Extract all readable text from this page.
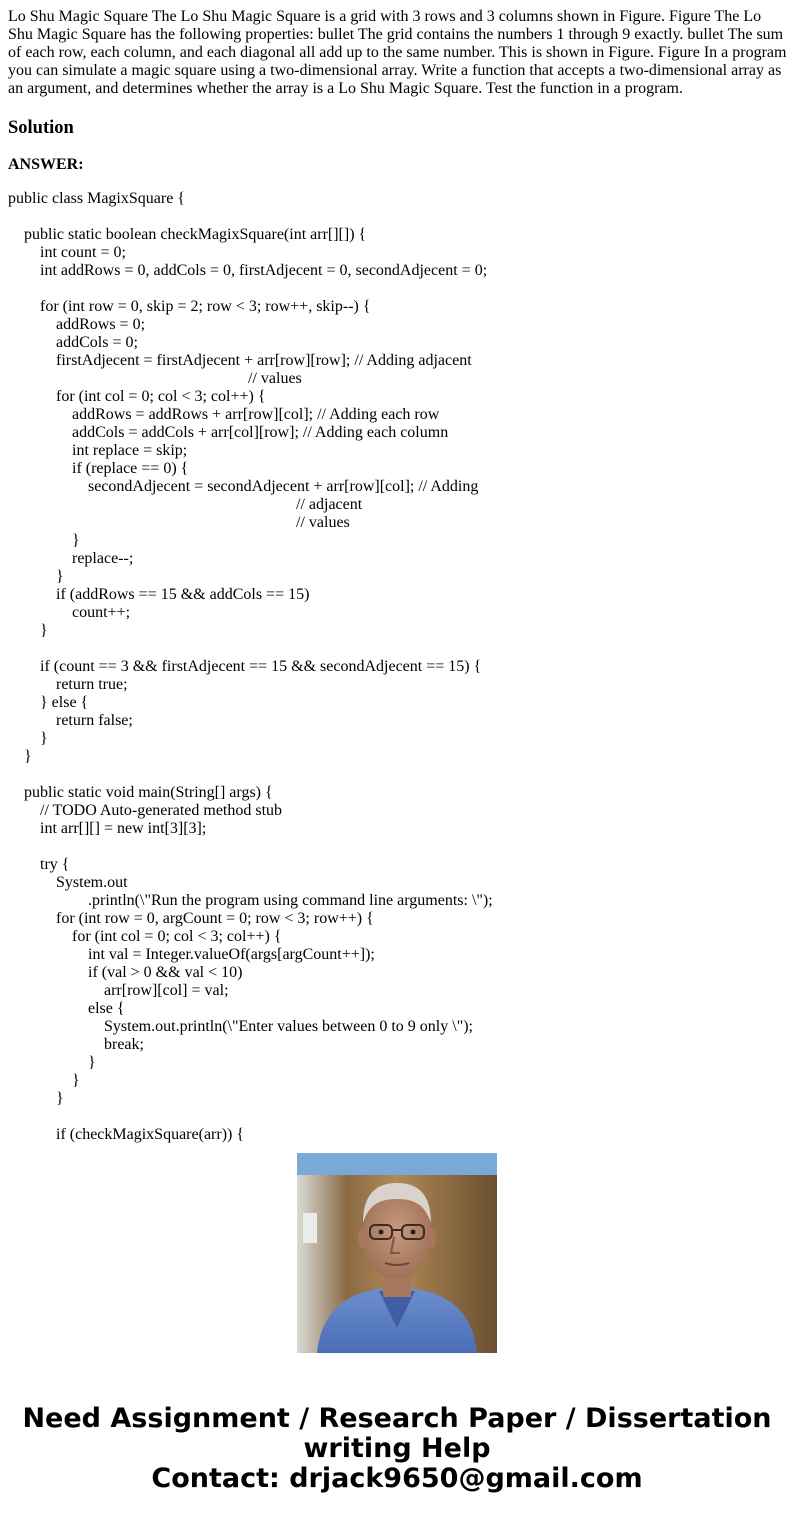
Lo Shu Magic Square The Lo Shu Magic Square is a grid with 3 rows and 3 columns shown in Figure. Figure The Lo Shu Magic Square has the following properties: bullet The grid contains the numbers 1 through 9 exactly. bullet The sum of each row, each column, and each diagonal all add up to the same number. This is shown in Figure. Figure In a program you can simulate a magic square using a two-dimensional array. Write a function that accepts a two-dimensional array as an argument, and determines whether the array is a Lo Shu Magic Square. Test the function in a program.

Solution

ANSWER:

public class MagixSquare {

public static boolean checkMagixSquare(int arr[][]) {
int count = 0;
int addRows = 0, addCols = 0, firstAdjecent = 0, secondAdjecent = 0;

for (int row = 0, skip = 2; row < 3; row++, skip--) {
addRows = 0;
addCols = 0;
firstAdjecent = firstAdjecent + arr[row][row]; // Adding adjacent
// values
for (int col = 0; col < 3; col++) {
addRows = addRows + arr[row][col]; // Adding each row
addCols = addCols + arr[col][row]; // Adding each column
int replace = skip;
if (replace == 0) {
secondAdjecent = secondAdjecent + arr[row][col]; // Adding
// adjacent
// values
}
replace--;
}
if (addRows == 15 && addCols == 15)
count++;
}

if (count == 3 && firstAdjecent == 15 && secondAdjecent == 15) {
return true;
} else {
return false;
}
}

public static void main(String[] args) {
// TODO Auto-generated method stub
int arr[][] = new int[3][3];

try {
System.out
.println(\"Run the program using command line arguments: \");
for (int row = 0, argCount = 0; row < 3; row++) {
for (int col = 0; col < 3; col++) {
int val = Integer.valueOf(args[argCount++]);
if (val > 0 && val < 10)
arr[row][col] = val;
else {
System.out.println(\"Enter values between 0 to 9 only \");
break;
}
}
}

if (checkMagixSquare(arr)) {

Need Assignment / Research Paper / Dissertation
writing Help
Contact: drjack9650@gmail.com
